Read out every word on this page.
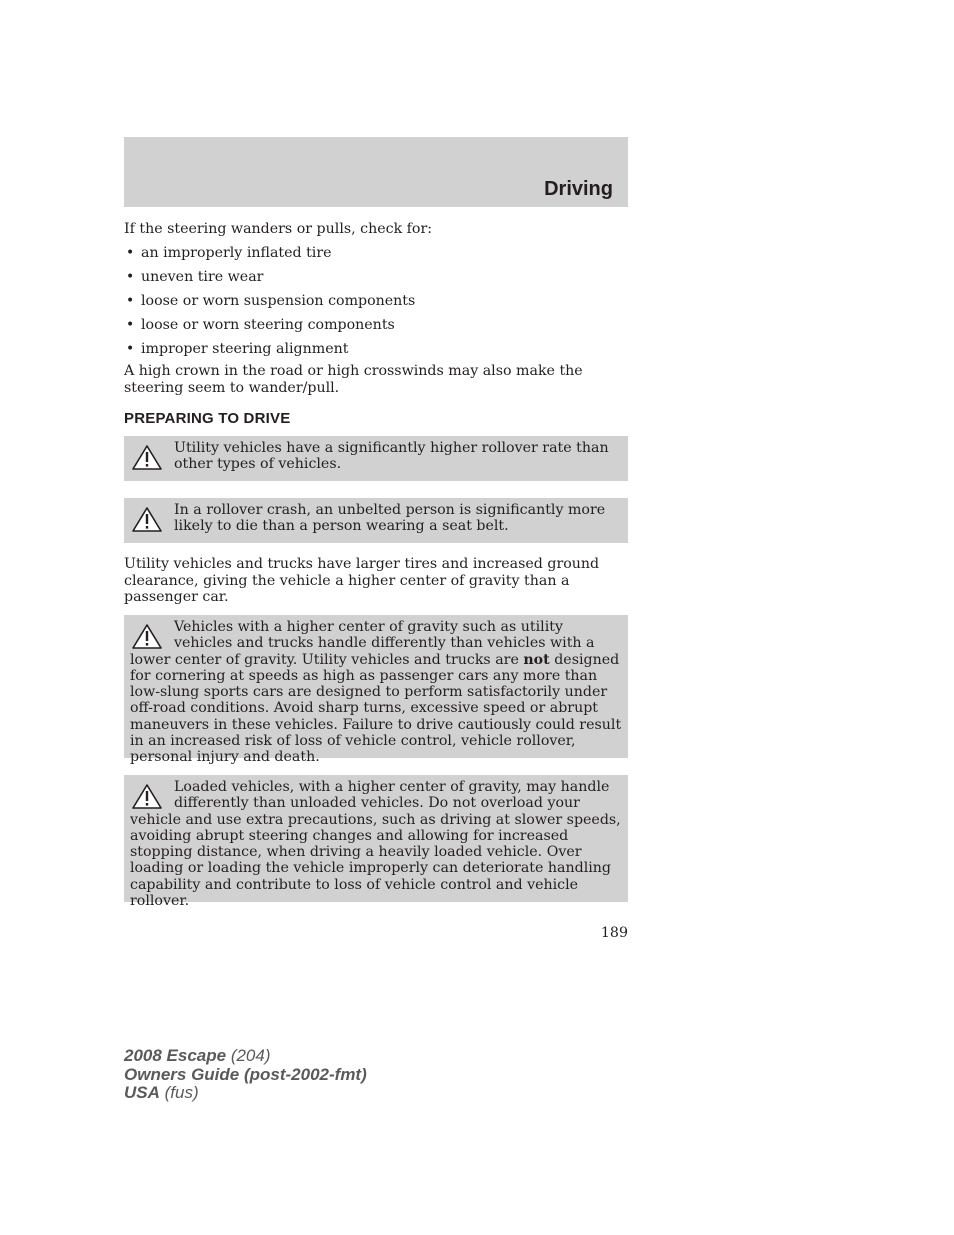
Driving
If the steering wanders or pulls, check for:
• an improperly inflated tire
• uneven tire wear
• loose or worn suspension components
• loose or worn steering components
• improper steering alignment
A high crown in the road or high crosswinds may also make the steering seem to wander/pull.
PREPARING TO DRIVE
Utility vehicles have a significantly higher rollover rate than other types of vehicles.
In a rollover crash, an unbelted person is significantly more likely to die than a person wearing a seat belt.
Utility vehicles and trucks have larger tires and increased ground clearance, giving the vehicle a higher center of gravity than a passenger car.
Vehicles with a higher center of gravity such as utility vehicles and trucks handle differently than vehicles with a lower center of gravity. Utility vehicles and trucks are not designed for cornering at speeds as high as passenger cars any more than low-slung sports cars are designed to perform satisfactorily under off-road conditions. Avoid sharp turns, excessive speed or abrupt maneuvers in these vehicles. Failure to drive cautiously could result in an increased risk of loss of vehicle control, vehicle rollover, personal injury and death.
Loaded vehicles, with a higher center of gravity, may handle differently than unloaded vehicles. Do not overload your vehicle and use extra precautions, such as driving at slower speeds, avoiding abrupt steering changes and allowing for increased stopping distance, when driving a heavily loaded vehicle. Over loading or loading the vehicle improperly can deteriorate handling capability and contribute to loss of vehicle control and vehicle rollover.
189
2008 Escape (204)
Owners Guide (post-2002-fmt)
USA (fus)
